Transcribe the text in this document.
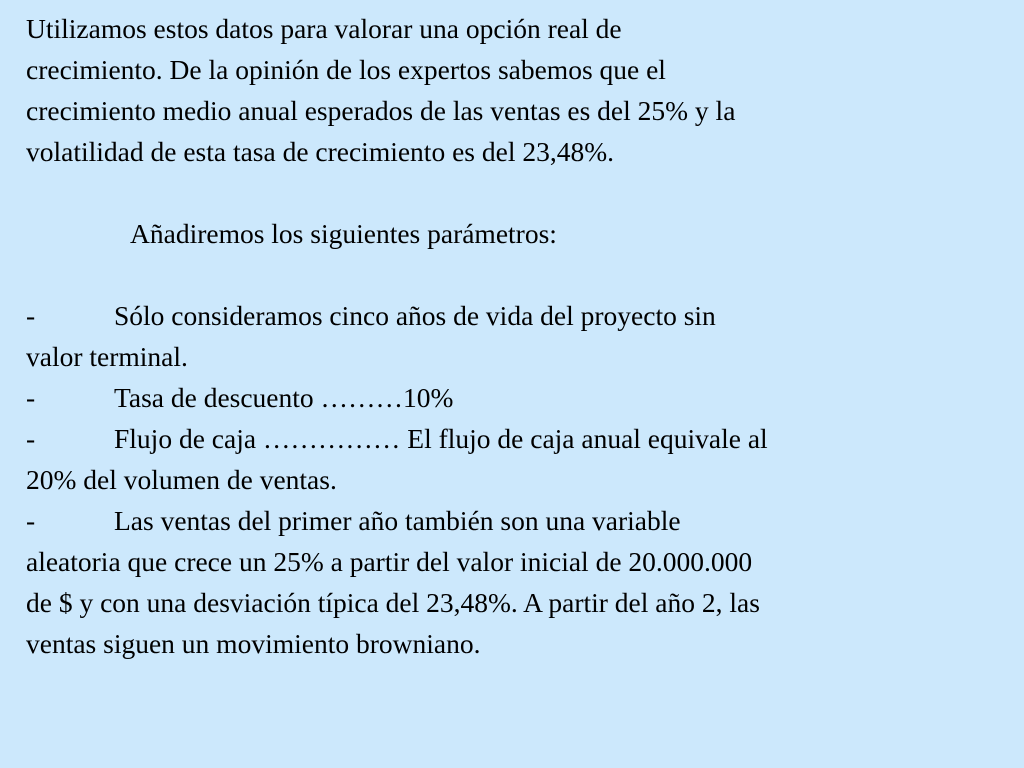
Utilizamos estos datos para valorar una opción real de
crecimiento. De la opinión de los expertos sabemos que el
crecimiento medio anual esperados de las ventas es del 25% y la
volatilidad de esta tasa de crecimiento es del 23,48%.
Añadiremos los siguientes parámetros:
-	Sólo consideramos cinco años de vida del proyecto sin
valor terminal.
-	Tasa de descuento ………10%
-	Flujo de caja …………… El flujo de caja anual equivale al
20% del volumen de ventas.
-	Las ventas del primer año también son una variable
aleatoria que crece un 25% a partir del valor inicial de 20.000.000
de $ y con una desviación típica del 23,48%. A partir del año 2, las
ventas siguen un movimiento browniano.
